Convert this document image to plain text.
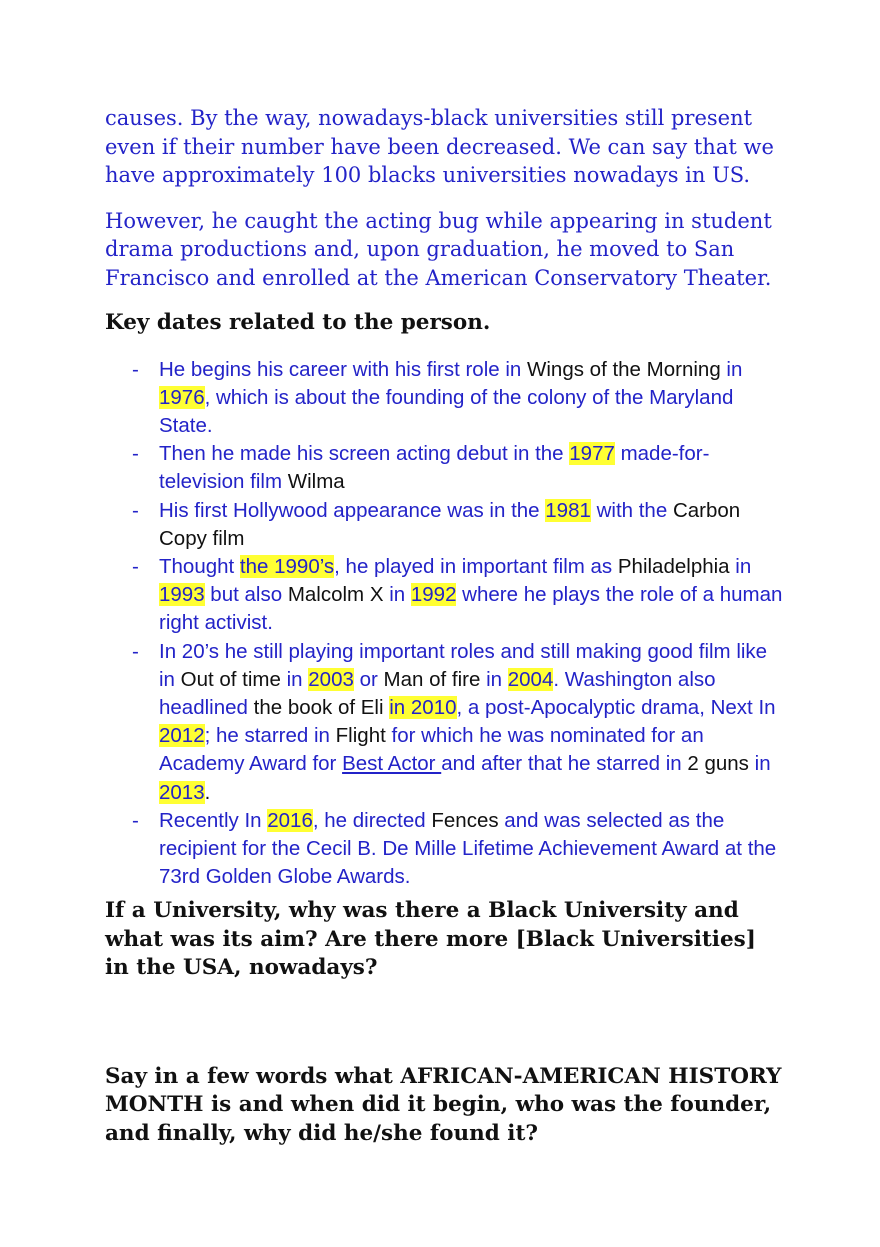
causes. By the way, nowadays-black universities still present even if their number have been decreased. We can say that we have approximately 100 blacks universities nowadays in US.

However, he caught the acting bug while appearing in student drama productions and, upon graduation, he moved to San Francisco and enrolled at the American Conservatory Theater.

Key dates related to the person.
- He begins his career with his first role in Wings of the Morning in 1976, which is about the founding of the colony of the Maryland State.
- Then he made his screen acting debut in the 1977 made-for-television film Wilma
- His first Hollywood appearance was in the 1981 with the Carbon Copy film
- Thought the 1990’s, he played in important film as Philadelphia in 1993 but also Malcolm X in 1992 where he plays the role of a human right activist.
- In 20’s he still playing important roles and still making good film like in Out of time in 2003 or Man of fire in 2004. Washington also headlined the book of Eli in 2010, a post-Apocalyptic drama, Next In 2012; he starred in Flight for which he was nominated for an Academy Award for Best Actor and after that he starred in 2 guns in 2013.
- Recently In 2016, he directed Fences and was selected as the recipient for the Cecil B. De Mille Lifetime Achievement Award at the 73rd Golden Globe Awards.
If a University, why was there a Black University and what was its aim? Are there more [Black Universities] in the USA, nowadays?
Say in a few words what AFRICAN-AMERICAN HISTORY MONTH is and when did it begin, who was the founder, and finally, why did he/she found it?
